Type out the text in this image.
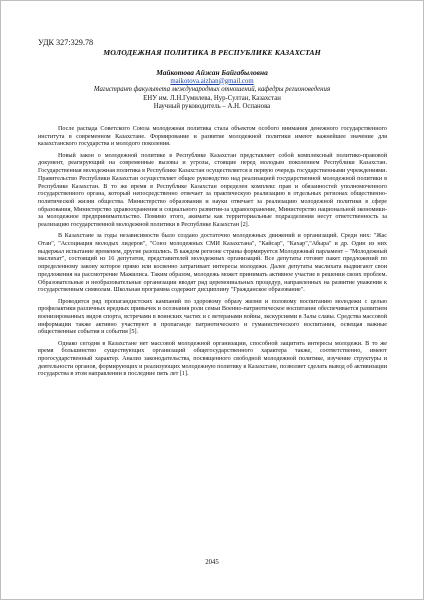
УДК 327:329.78
МОЛОДЕЖНАЯ ПОЛИТИКА В РЕСПУБЛИКЕ КАЗАХСТАН
Майкотова Айжан Байгабыловна
maikotova.aizhan@gmail.com
Магистрант факультета международных отношений, кафедры регионоведения
ЕНУ им. Л.Н.Гумилева, Нур-Султан, Казахстан
Научный руководитель – А.Н. Оспанова

После распада Советского Союза молодежная политика стала объектом особого внимания денежного государственного института в современном Казахстане. Формирование и развитие молодежной политики имеют важнейшее значение для казахстанского государства и молодого поколения.

Новый закон о молодежной политике в Республике Казахстан представляет собой комплексный политико-правовой документ, реагирующий на современные вызовы и угрозы, стоящие перед молодым поколением Республики Казахстан. Государственная молодежная политика в Республике Казахстан осуществляется в первую очередь государственными учреждениями. Правительство Республики Казахстан осуществляет общее руководство над реализацией государственной молодежной политики в Республике Казахстан. В то же время в Республике Казахстан определен комплекс прав и обязанностей уполномоченного государственного органа, который непосредственно отвечает за практическую реализацию в отдельных регионах общественно-политической жизни общества. Министерство образования и науки отвечает за реализацию молодежной политики в сфере образования, Министерство здравоохранения и социального развития-за здравоохранение, Министерство национальной экономики-за молодежное предпринимательство. Помимо этого, акиматы как территориальные подразделения несут ответственность за реализацию государственной молодежной политики в Республике Казахстан [2].

В Казахстане за годы независимости было создано достаточно молодежных движений и организаций. Среди них: "Жас Отан", "Ассоциация молодых лидеров", "Союз молодежных СМИ Казахстана", "Кайсар", "Кахар","Абыра" и др. Один из них выдержал испытание временем, другие разошлись. В каждом регионе страны формируется Молодежный парламент – "Молодежный маслихат", состоящий из 16 депутатов, представителей молодежных организаций. Все депутаты готовят пакет предложений по определенному закону которое прямо или косвенно затрагивает интересы молодежи. Далее депутаты маслихата выдвигают свои предложения на рассмотрение Мажилиса. Таким образом, молодежь может принимать активное участие в решении своих проблем. Образовательные и необразовательные организации вводят ряд церемониальных процедур, направленных на развитие уважения к государственным символам. Школьная программа содержит дисциплину "Гражданское образование".

Проводится ряд пропагандистских кампаний по здоровому образу жизни и половому воспитанию молодежи с целью профилактики различных вредных привычек и осознания роли семьи Военно-патриотическое воспитание обеспечивается развитием военизированных видов спорта, встречами в воинских частях и с ветеранами войны, экскурсиями в Залы славы. Средства массовой информации также активно участвуют в пропаганде патриотического и гуманистического воспитания, освещая важные общественные события и события [5].

Однако сегодня в Казахстане нет массовой молодежной организации, способной защитить интересы молодежи. В то же время большинство существующих организаций общегосударственного характера также, соответственно, имеют прогосударственный характер. Анализ законодательства, посвященного свободной молодежной политике, изучение структуры и деятельности органов, формирующих и реализующих молодежную политику в Казахстане, позволяет сделать вывод об активизации государства в этом направлении в последние пять лет [1].

2045
